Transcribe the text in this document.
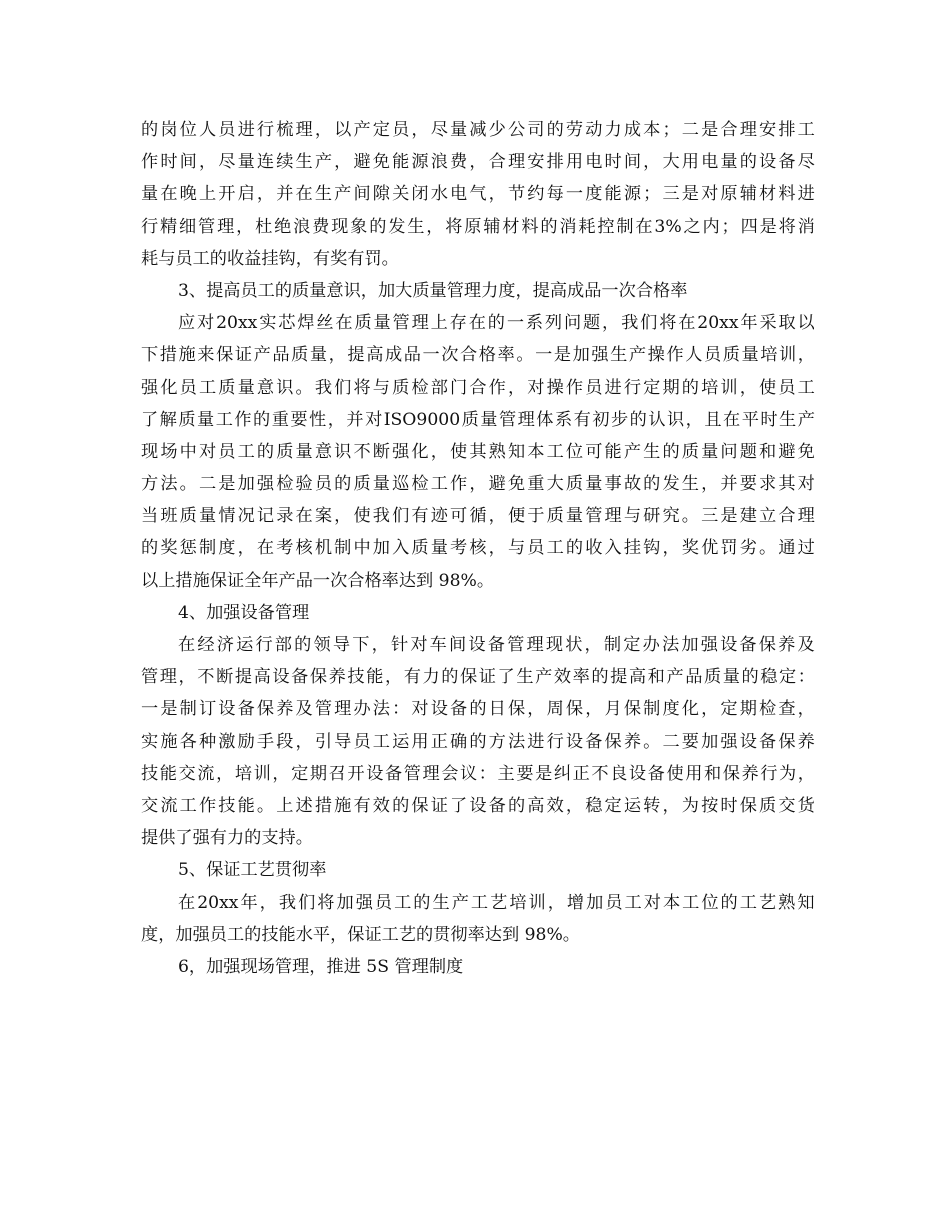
的 岗 位 人 员 进 行 梳 理 ， 以 产 定 员 ， 尽 量 减 少 公 司 的 劳 动 力 成 本 ； 二 是 合 理 安 排 工
作 时 间 ， 尽 量 连 续 生 产 ， 避 免 能 源 浪 费 ， 合 理 安 排 用 电 时 间 ， 大 用 电 量 的 设 备 尽
量 在 晚 上 开 启 ， 并 在 生 产 间 隙 关 闭 水 电 气 ， 节 约 每 一 度 能 源 ； 三 是 对 原 辅 材 料 进
行 精 细 管 理 ， 杜 绝 浪 费 现 象 的 发 生 ， 将 原 辅 材 料 的 消 耗 控 制 在 3% 之 内 ； 四 是 将 消
耗与员工的收益挂钩，有奖有罚。
3、提高员工的质量意识，加大质量管理力度，提高成品一次合格率
应 对 20xx 实 芯 焊 丝 在 质 量 管 理 上 存 在 的 一 系 列 问 题 ， 我 们 将 在 20xx 年 采 取 以
下 措 施 来 保 证 产 品 质 量 ， 提 高 成 品 一 次 合 格 率 。 一 是 加 强 生 产 操 作 人 员 质 量 培 训 ，
强 化 员 工 质 量 意 识 。 我 们 将 与 质 检 部 门 合 作 ， 对 操 作 员 进 行 定 期 的 培 训 ， 使 员 工
了 解 质 量 工 作 的 重 要 性 ， 并 对 ISO9000 质 量 管 理 体 系 有 初 步 的 认 识 ， 且 在 平 时 生 产
现 场 中 对 员 工 的 质 量 意 识 不 断 强 化 ， 使 其 熟 知 本 工 位 可 能 产 生 的 质 量 问 题 和 避 免
方 法 。 二 是 加 强 检 验 员 的 质 量 巡 检 工 作 ， 避 免 重 大 质 量 事 故 的 发 生 ， 并 要 求 其 对
当 班 质 量 情 况 记 录 在 案 ， 使 我 们 有 迹 可 循 ， 便 于 质 量 管 理 与 研 究 。 三 是 建 立 合 理
的 奖 惩 制 度 ， 在 考 核 机 制 中 加 入 质 量 考 核 ， 与 员 工 的 收 入 挂 钩 ， 奖 优 罚 劣 。 通 过
以上措施保证全年产品一次合格率达到 98%。
4、加强设备管理
在 经 济 运 行 部 的 领 导 下 ， 针 对 车 间 设 备 管 理 现 状 ， 制 定 办 法 加 强 设 备 保 养 及
管 理 ， 不 断 提 高 设 备 保 养 技 能 ， 有 力 的 保 证 了 生 产 效 率 的 提 高 和 产 品 质 量 的 稳 定 ：
一 是 制 订 设 备 保 养 及 管 理 办 法 ： 对 设 备 的 日 保 ， 周 保 ， 月 保 制 度 化 ， 定 期 检 查 ，
实 施 各 种 激 励 手 段 ， 引 导 员 工 运 用 正 确 的 方 法 进 行 设 备 保 养 。 二 要 加 强 设 备 保 养
技 能 交 流 ， 培 训 ， 定 期 召 开 设 备 管 理 会 议 ： 主 要 是 纠 正 不 良 设 备 使 用 和 保 养 行 为 ，
交 流 工 作 技 能 。 上 述 措 施 有 效 的 保 证 了 设 备 的 高 效 ， 稳 定 运 转 ， 为 按 时 保 质 交 货
提供了强有力的支持。
5、保证工艺贯彻率
在 20xx 年 ， 我 们 将 加 强 员 工 的 生 产 工 艺 培 训 ， 增 加 员 工 对 本 工 位 的 工 艺 熟 知
度，加强员工的技能水平，保证工艺的贯彻率达到 98%。
6，加强现场管理，推进 5S 管理制度
